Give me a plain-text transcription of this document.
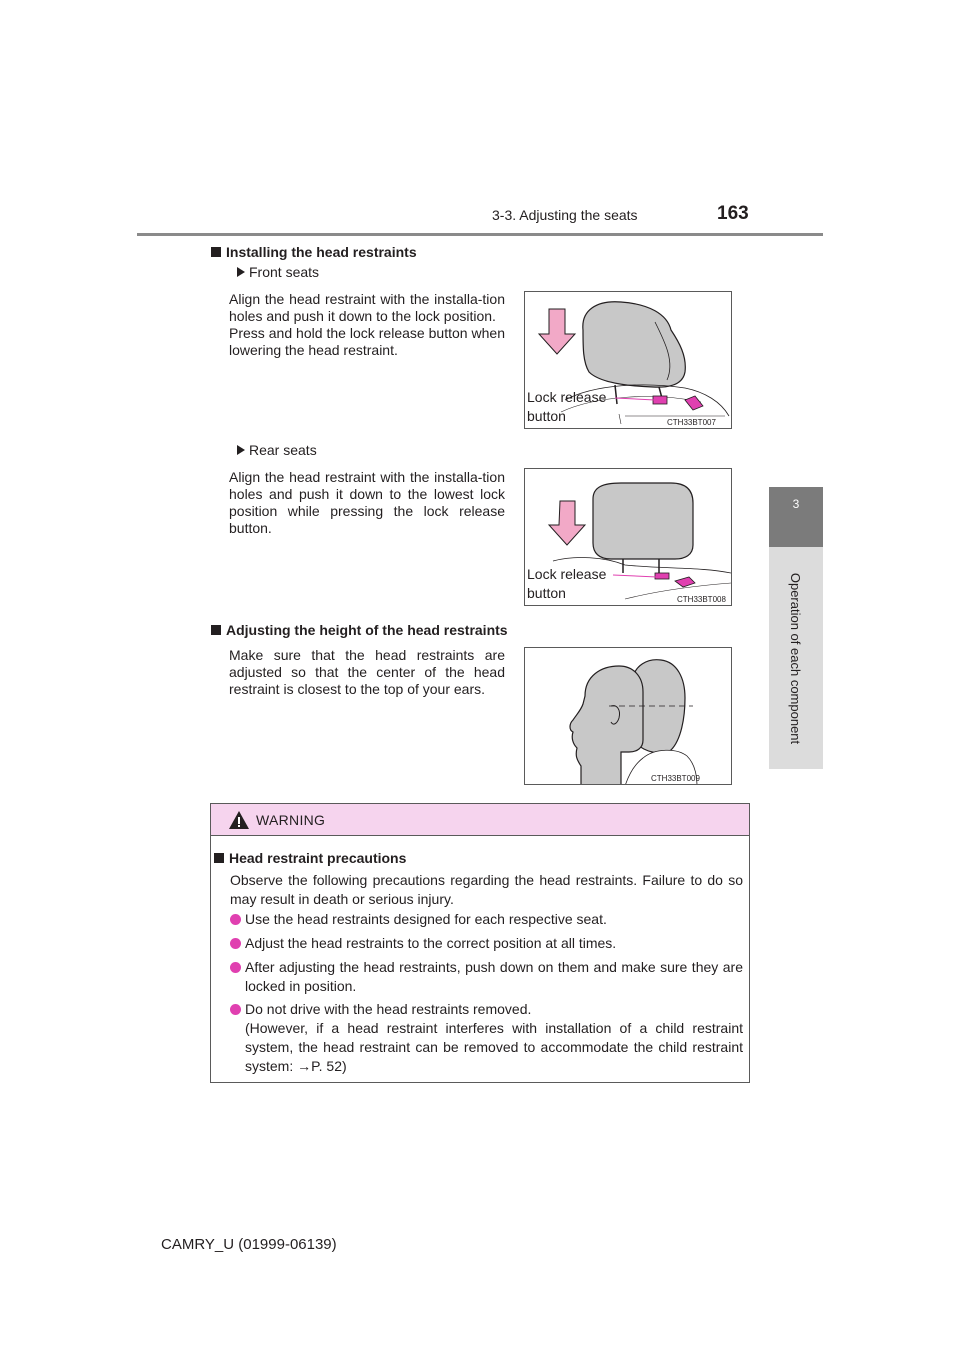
3-3. Adjusting the seats	163
3
Operation of each component
Installing the head restraints
Front seats
Align the head restraint with the installa-tion holes and push it down to the lock position.
Press and hold the lock release button when lowering the head restraint.
Lock release
button	CTH33BT007
Rear seats
Align the head restraint with the installa-tion holes and push it down to the lowest lock position while pressing the lock release button.
Lock release
button	CTH33BT008
Adjusting the height of the head restraints
Make sure that the head restraints are adjusted so that the center of the head restraint is closest to the top of your ears.
CTH33BT009
WARNING
Head restraint precautions
Observe the following precautions regarding the head restraints. Failure to do so may result in death or serious injury.
Use the head restraints designed for each respective seat.
Adjust the head restraints to the correct position at all times.
After adjusting the head restraints, push down on them and make sure they are locked in position.
Do not drive with the head restraints removed.
(However, if a head restraint interferes with installation of a child restraint system, the head restraint can be removed to accommodate the child restraint system: →P. 52)
CAMRY_U (01999-06139)
